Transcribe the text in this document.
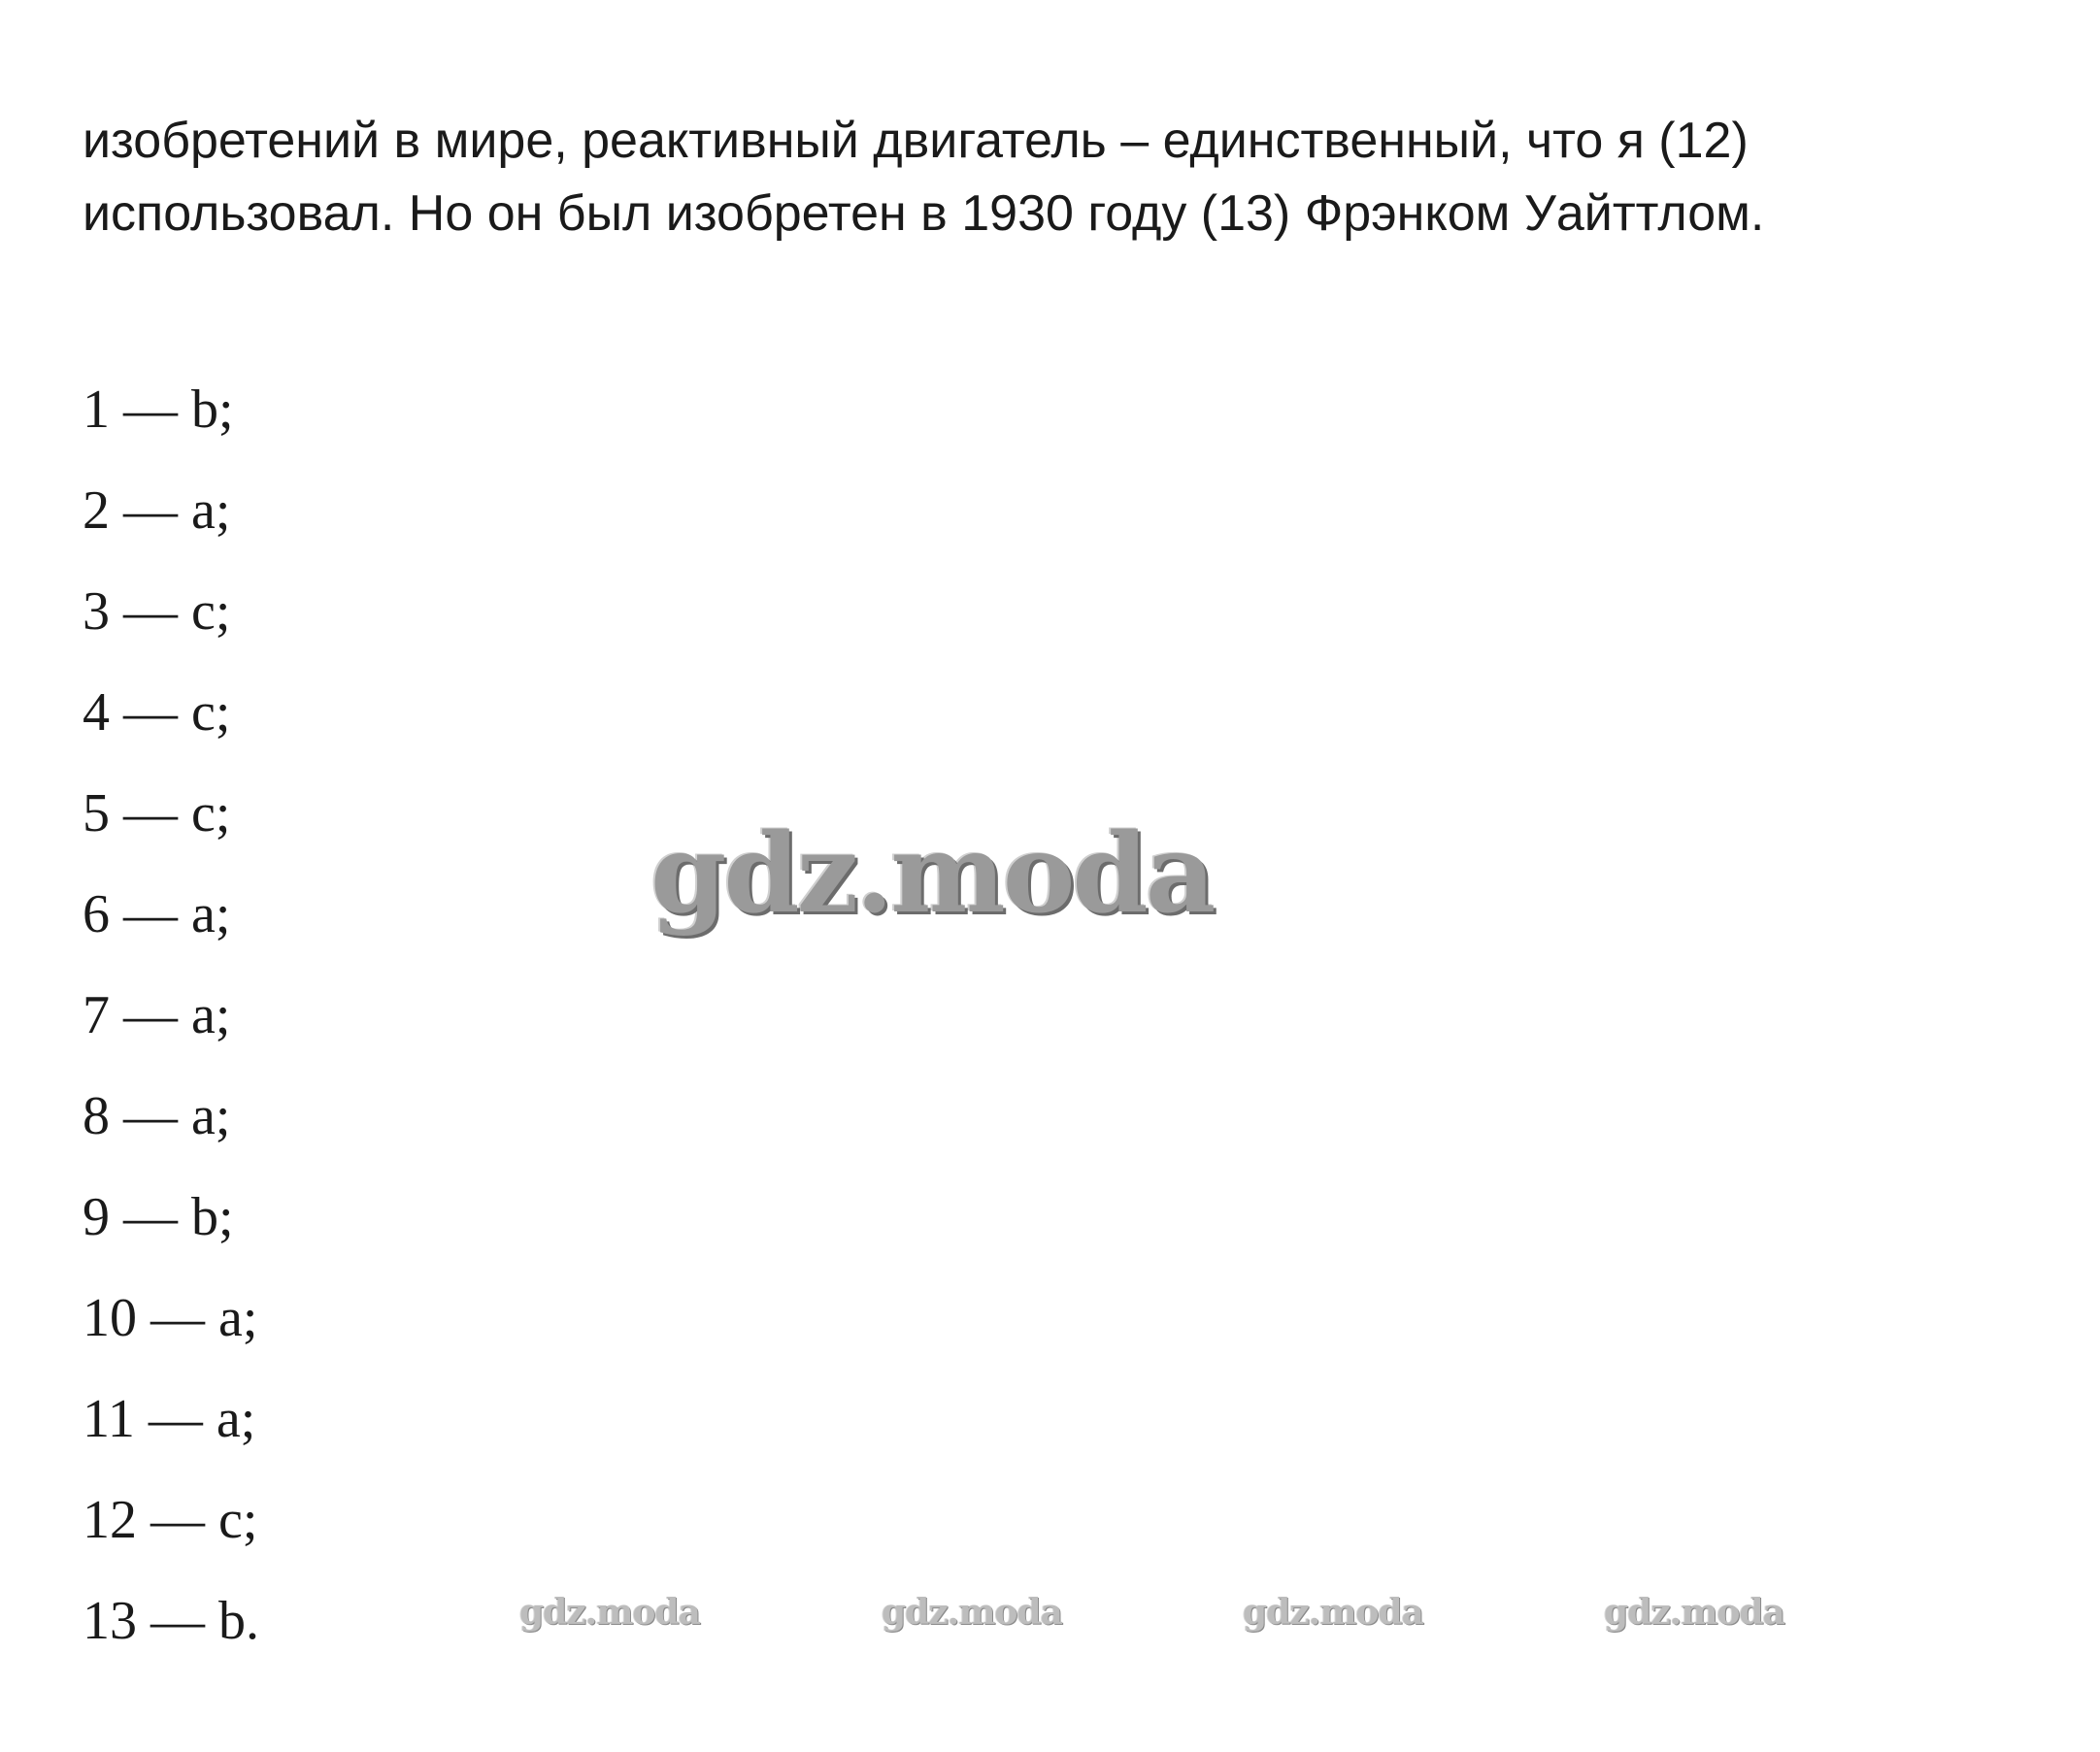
изобретений в мире, реактивный двигатель – единственный, что я (12)
использовал. Но он был изобретен в 1930 году (13) Фрэнком Уайттлом.
1 — b;
2 — a;
3 — c;
4 — c;
5 — c;
6 — a;
7 — a;
8 — a;
9 — b;
10 — a;
11 — a;
12 — c;
13 — b.
gdz.moda
gdz.moda	gdz.moda	gdz.moda	gdz.moda
